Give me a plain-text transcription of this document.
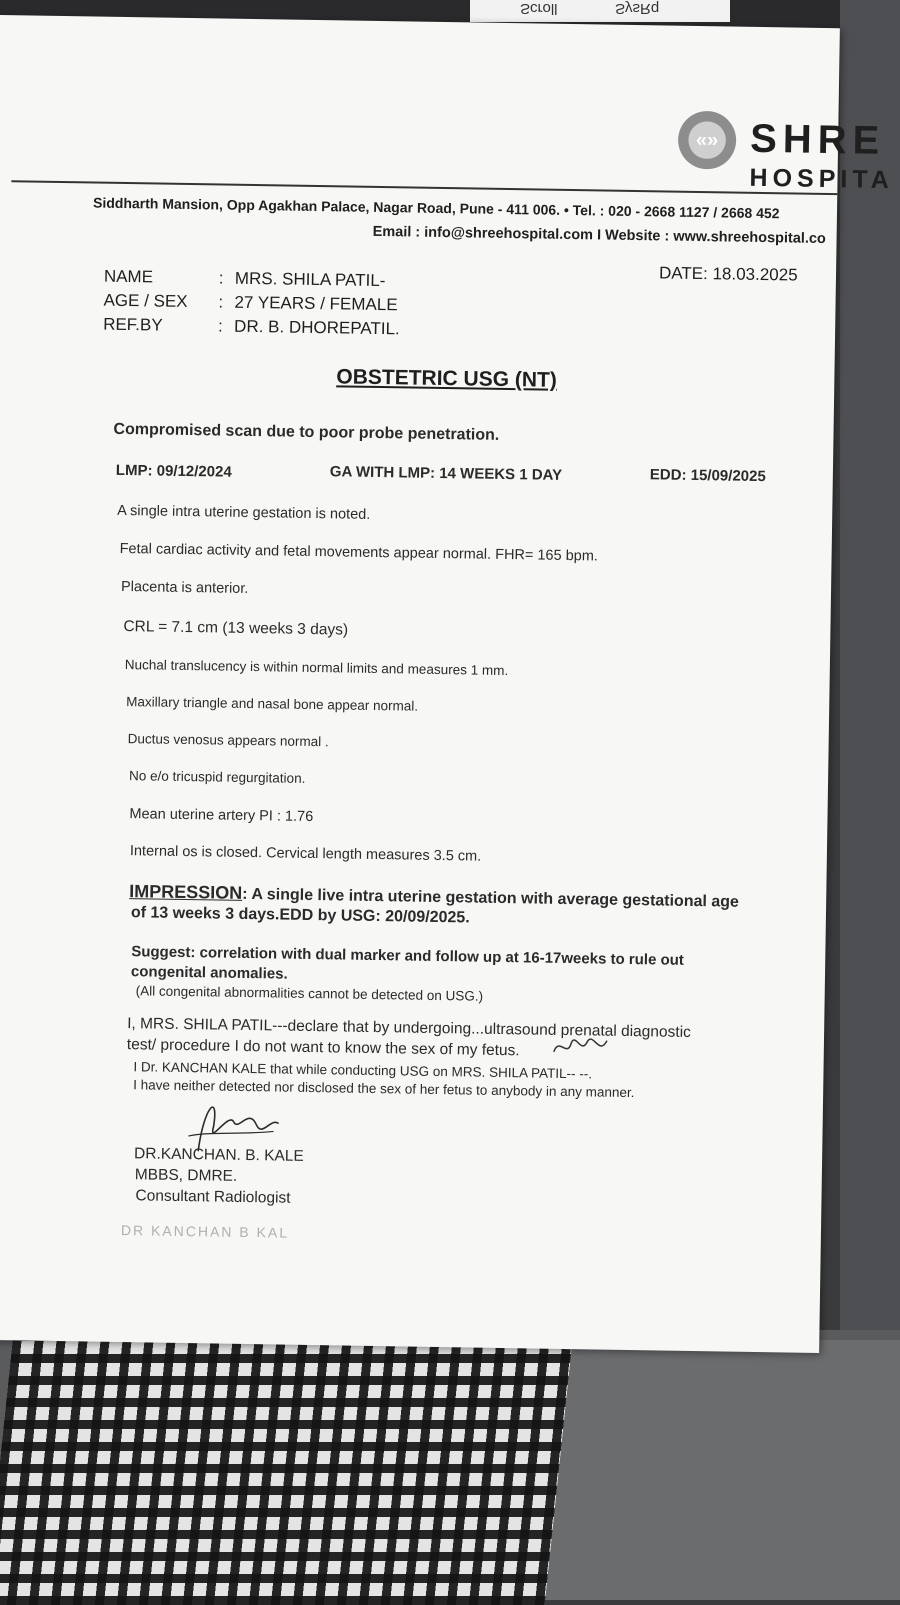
Scroll	SysRq
«» SHRE
HOSPITA
Siddharth Mansion, Opp Agakhan Palace, Nagar Road, Pune - 411 006. • Tel. : 020 - 2668 1127 / 2668 452
Email : info@shreehospital.com I Website : www.shreehospital.co
NAME	: MRS. SHILA PATIL-
AGE / SEX : 27 YEARS / FEMALE
REF.BY	: DR. B. DHOREPATIL.
DATE: 18.03.2025
OBSTETRIC USG (NT)
Compromised scan due to poor probe penetration.
LMP: 09/12/2024	GA WITH LMP: 14 WEEKS 1 DAY	EDD: 15/09/2025
A single intra uterine gestation is noted.
Fetal cardiac activity and fetal movements appear normal. FHR= 165 bpm.
Placenta is anterior.
CRL = 7.1 cm (13 weeks 3 days)
Nuchal translucency is within normal limits and measures 1 mm.
Maxillary triangle and nasal bone appear normal.
Ductus venosus appears normal .
No e/o tricuspid regurgitation.
Mean uterine artery PI : 1.76
Internal os is closed. Cervical length measures 3.5 cm.
IMPRESSION: A single live intra uterine gestation with average gestational age
of 13 weeks 3 days.EDD by USG: 20/09/2025.
Suggest: correlation with dual marker and follow up at 16-17weeks to rule out
congenital anomalies.
(All congenital abnormalities cannot be detected on USG.)
I, MRS. SHILA PATIL---declare that by undergoing...ultrasound prenatal diagnostic
test/ procedure I do not want to know the sex of my fetus.
I Dr. KANCHAN KALE that while conducting USG on MRS. SHILA PATIL-- --.
I have neither detected nor disclosed the sex of her fetus to anybody in any manner.
DR.KANCHAN. B. KALE
MBBS, DMRE.
Consultant Radiologist
DR KANCHAN B KAL
